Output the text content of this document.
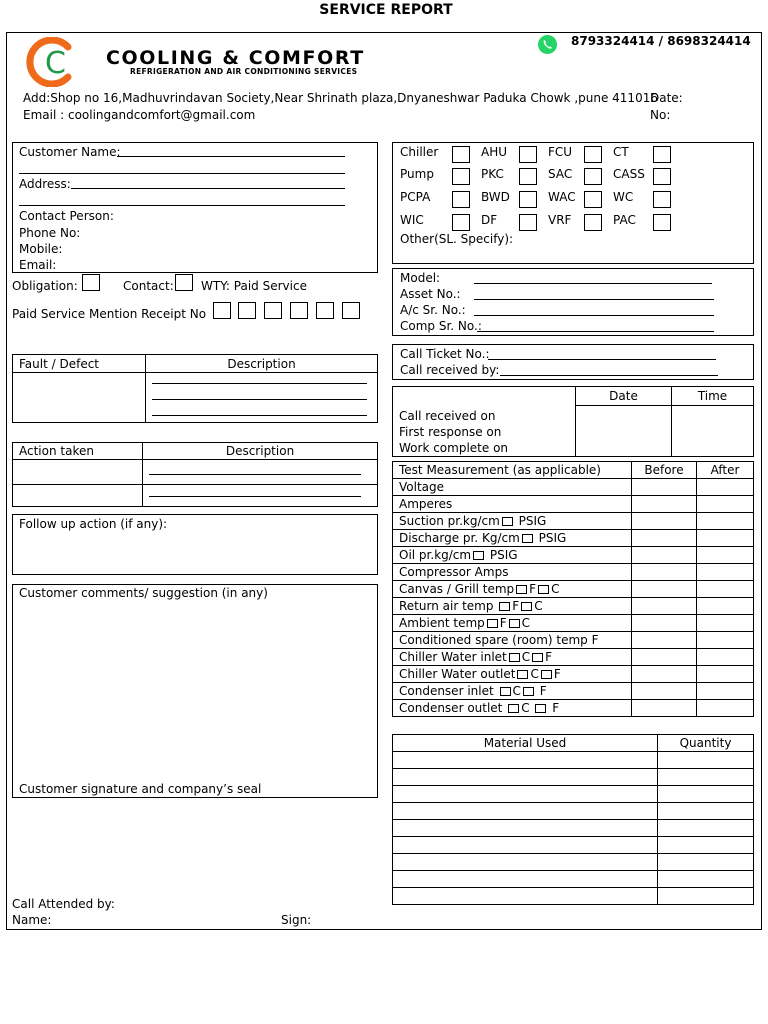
SERVICE REPORT
C COOLING & COMFORT
REFRIGERATION AND AIR CONDITIONING SERVICES
8793324414 / 8698324414
Add:Shop no 16,Madhuvrindavan Society,Near Shrinath plaza,Dnyaneshwar Paduka Chowk ,pune 411016
Email : coolingandcomfort@gmail.com
Date:
No:
Customer Name:
Address:
Contact Person:
Phone No:
Mobile:
Email:
Obligation:	Contact: WTY: Paid Service
Paid Service Mention Receipt No
Fault / Defect	Description

Action taken	Description

Follow up action (if any):
Customer comments/ suggestion (in any)
Customer signature and company’s seal
Chiller	AHU	FCU	CT
Pump	PKC	SAC	CASS
PCPA	BWD	WAC	WC
WIC	DF	VRF	PAC
Other(SL. Specify):
Model:
Asset No.:
A/c Sr. No.:
Comp Sr. No.:
Call Ticket No.:
Call received by:
	Date	Time

Call received on
First response on
Work complete on		

Test Measurement (as applicable)	Before	After
Voltage		
Amperes		
Suction pr.kg/cm PSIG		
Discharge pr. Kg/cm PSIG		
Oil pr.kg/cm PSIG		
Compressor Amps		
Canvas / Grill temp F C		
Return air temp F C		
Ambient temp F C		
Conditioned spare (room) temp F		
Chiller Water inlet C F		
Chiller Water outlet C F		
Condenser inlet C F		
Condenser outlet C  F		
Material Used	Quantity

Call Attended by:
Name:	Sign:
